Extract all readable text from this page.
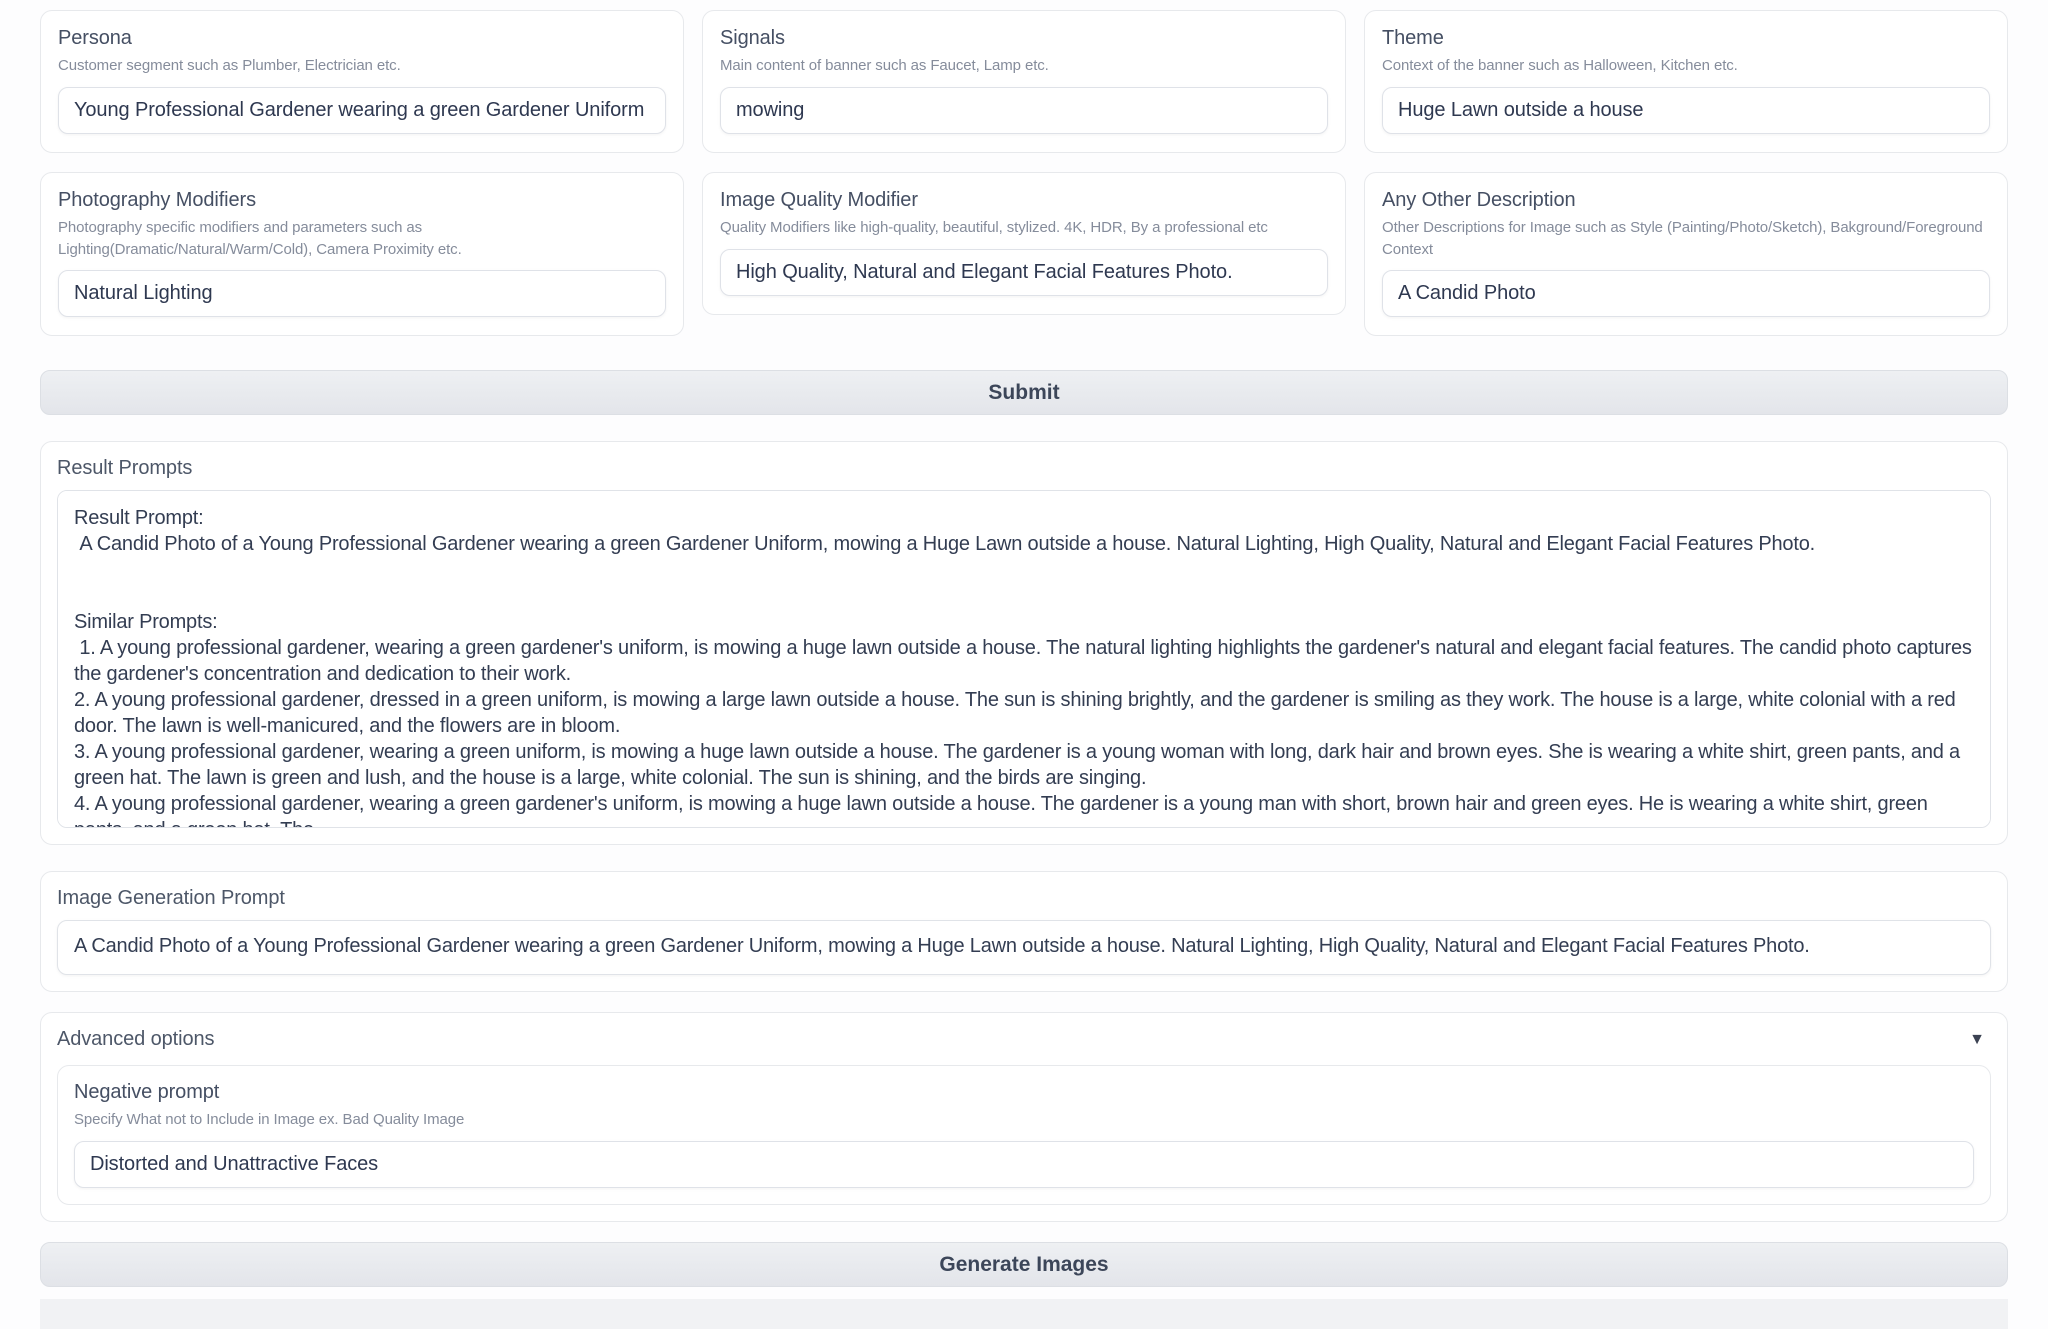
Persona
Customer segment such as Plumber, Electrician etc.
Young Professional Gardener wearing a green Gardener Uniform
Signals
Main content of banner such as Faucet, Lamp etc.
mowing
Theme
Context of the banner such as Halloween, Kitchen etc.
Huge Lawn outside a house
Photography Modifiers
Photography specific modifiers and parameters such as Lighting(Dramatic/Natural/Warm/Cold), Camera Proximity etc.
Natural Lighting
Image Quality Modifier
Quality Modifiers like high-quality, beautiful, stylized. 4K, HDR, By a professional etc
High Quality, Natural and Elegant Facial Features Photo.
Any Other Description
Other Descriptions for Image such as Style (Painting/Photo/Sketch), Bakground/Foreground Context
A Candid Photo
Submit
Result Prompts
Result Prompt: A Candid Photo of a Young Professional Gardener wearing a green Gardener Uniform, mowing a Huge Lawn outside a house. Natural Lighting, High Quality, Natural and Elegant Facial Features Photo. Similar Prompts: 1. A young professional gardener, wearing a green gardener's uniform, is mowing a huge lawn outside a house. The natural lighting highlights the gardener's natural and elegant facial features. The candid photo captures the gardener's concentration and dedication to their work. 2. A young professional gardener, dressed in a green uniform, is mowing a large lawn outside a house. The sun is shining brightly, and the gardener is smiling as they work. The house is a large, white colonial with a red door. The lawn is well-manicured, and the flowers are in bloom. 3. A young professional gardener, wearing a green uniform, is mowing a huge lawn outside a house. The gardener is a young woman with long, dark hair and brown eyes. She is wearing a white shirt, green pants, and a green hat. The lawn is green and lush, and the house is a large, white colonial. The sun is shining, and the birds are singing. 4. A young professional gardener, wearing a green gardener's uniform, is mowing a huge lawn outside a house. The gardener is a young man with short, brown hair and green eyes. He is wearing a white shirt, green pants, and a green hat. The
Image Generation Prompt
A Candid Photo of a Young Professional Gardener wearing a green Gardener Uniform, mowing a Huge Lawn outside a house. Natural Lighting, High Quality, Natural and Elegant Facial Features Photo.
Advanced options	▼
Negative prompt
Specify What not to Include in Image ex. Bad Quality Image
Distorted and Unattractive Faces
Generate Images
